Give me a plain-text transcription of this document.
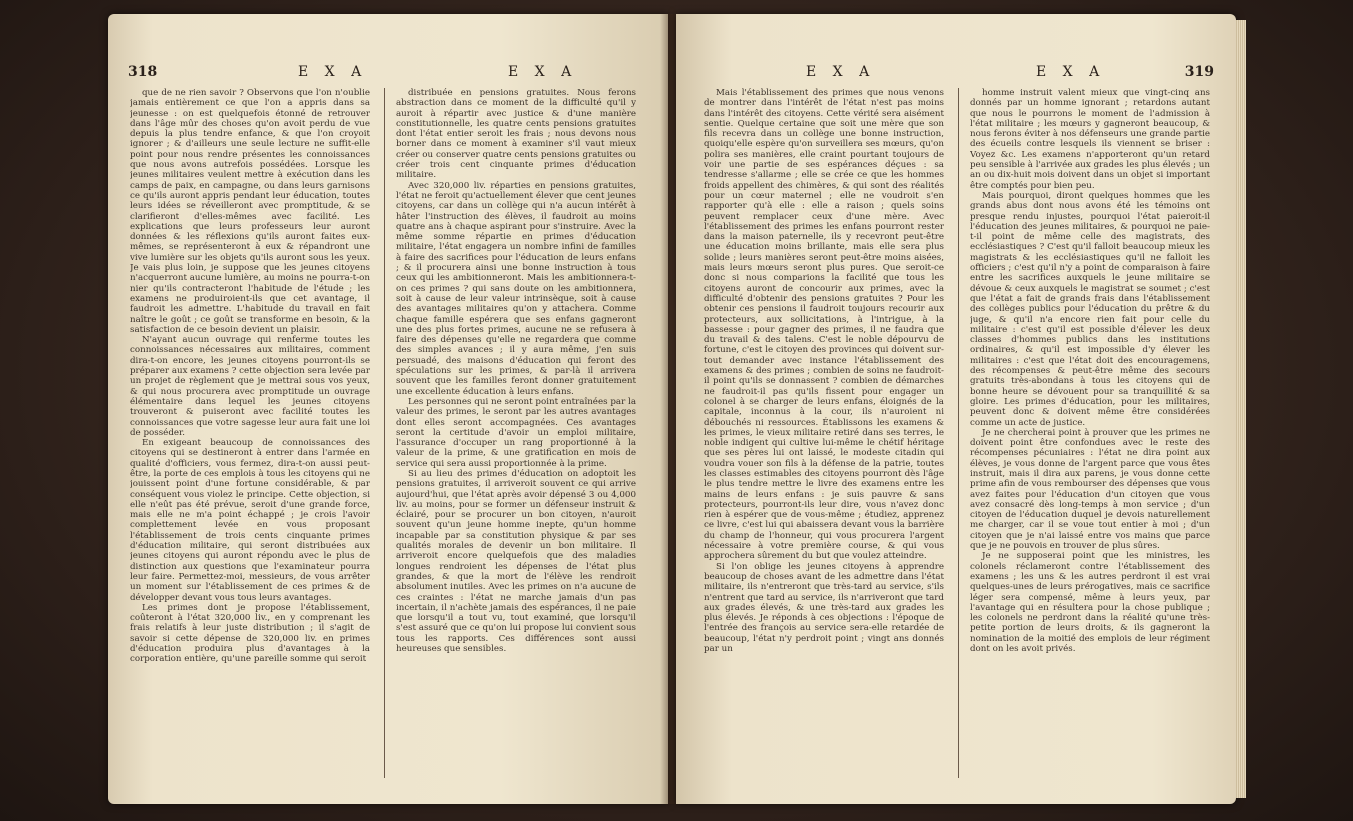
318	E X A	E X A

que de ne rien savoir ? Observons que l'on n'oublie jamais entièrement ce que l'on a appris dans sa jeunesse : on est quelquefois étonné de retrouver dans l'âge mûr des choses qu'on avoit perdu de vue depuis la plus tendre enfance, & que l'on croyoit ignorer ; & d'ailleurs une seule lecture ne suffit-elle point pour nous rendre présentes les connoissances que nous avons autrefois possédées. Lorsque les jeunes militaires veulent mettre à exécution dans les camps de paix, en campagne, ou dans leurs garnisons ce qu'ils auront appris pendant leur éducation, toutes leurs idées se réveilleront avec promptitude, & se clarifieront d'elles-mêmes avec facilité. Les explications que leurs professeurs leur auront données & les réflexions qu'ils auront faites eux-mêmes, se représenteront à eux & répandront une vive lumière sur les objets qu'ils auront sous les yeux. Je vais plus loin, je suppose que les jeunes citoyens n'acquerront aucune lumière, au moins ne pourra-t-on nier qu'ils contracteront l'habitude de l'étude ; les examens ne produiroient-ils que cet avantage, il faudroit les admettre. L'habitude du travail en fait naître le goût ; ce goût se transforme en besoin, & la satisfaction de ce besoin devient un plaisir.

N'ayant aucun ouvrage qui renferme toutes les connoissances nécessaires aux militaires, comment dira-t-on encore, les jeunes citoyens pourront-ils se préparer aux examens ? cette objection sera levée par un projet de règlement que je mettrai sous vos yeux, & qui nous procurera avec promptitude un ouvrage élémentaire dans lequel les jeunes citoyens trouveront & puiseront avec facilité toutes les connoissances que votre sagesse leur aura fait une loi de posséder.

En exigeant beaucoup de connoissances des citoyens qui se destineront à entrer dans l'armée en qualité d'officiers, vous fermez, dira-t-on aussi peut-être, la porte de ces emplois à tous les citoyens qui ne jouissent point d'une fortune considérable, & par conséquent vous violez le principe. Cette objection, si elle n'eût pas été prévue, seroit d'une grande force, mais elle ne m'a point échappé ; je crois l'avoir complettement levée en vous proposant l'établissement de trois cents cinquante primes d'éducation militaire, qui seront distribuées aux jeunes citoyens qui auront répondu avec le plus de distinction aux questions que l'examinateur pourra leur faire. Permettez-moi, messieurs, de vous arrêter un moment sur l'établissement de ces primes & de développer devant vous tous leurs avantages.

Les primes dont je propose l'établissement, coûteront à l'état 320,000 liv., en y comprenant les frais relatifs à leur juste distribution ; il s'agit de savoir si cette dépense de 320,000 liv. en primes d'éducation produira plus d'avantages à la corporation entière, qu'une pareille somme qui seroit

distribuée en pensions gratuites. Nous ferons abstraction dans ce moment de la difficulté qu'il y auroit à répartir avec justice & d'une manière constitutionnelle, les quatre cents pensions gratuites dont l'état entier seroit les frais ; nous devons nous borner dans ce moment à examiner s'il vaut mieux créer ou conserver quatre cents pensions gratuites ou créer trois cent cinquante primes d'éducation militaire.

Avec 320,000 liv. réparties en pensions gratuites, l'état ne feroit qu'actuellement élever que cent jeunes citoyens, car dans un collège qui n'a aucun intérêt à hâter l'instruction des élèves, il faudroit au moins quatre ans à chaque aspirant pour s'instruire. Avec la même somme répartie en primes d'éducation militaire, l'état engagera un nombre infini de familles à faire des sacrifices pour l'éducation de leurs enfans ; & il procurera ainsi une bonne instruction à tous ceux qui les ambitionneront. Mais les ambitionnera-t-on ces primes ? qui sans doute on les ambitionnera, soit à cause de leur valeur intrinsèque, soit à cause des avantages militaires qu'on y attachera. Comme chaque famille espérera que ses enfans gagneront une des plus fortes primes, aucune ne se refusera à faire des dépenses qu'elle ne regardera que comme des simples avances ; il y aura même, j'en suis persuadé, des maisons d'éducation qui feront des spéculations sur les primes, & par-là il arrivera souvent que les familles feront donner gratuitement une excellente éducation à leurs enfans.

Les personnes qui ne seront point entraînées par la valeur des primes, le seront par les autres avantages dont elles seront accompagnées. Ces avantages seront la certitude d'avoir un emploi militaire, l'assurance d'occuper un rang proportionné à la valeur de la prime, & une gratification en mois de service qui sera aussi proportionnée à la prime.

Si au lieu des primes d'éducation on adoptoit les pensions gratuites, il arriveroit souvent ce qui arrive aujourd'hui, que l'état après avoir dépensé 3 ou 4,000 liv. au moins, pour se former un défenseur instruit & éclairé, pour se procurer un bon citoyen, n'auroit souvent qu'un jeune homme inepte, qu'un homme incapable par sa constitution physique & par ses qualités morales de devenir un bon militaire. Il arriveroit encore quelquefois que des maladies longues rendroient les dépenses de l'état plus grandes, & que la mort de l'élève les rendroit absolument inutiles. Avec les primes on n'a aucune de ces craintes : l'état ne marche jamais d'un pas incertain, il n'achète jamais des espérances, il ne paie que lorsqu'il a tout vu, tout examiné, que lorsqu'il s'est assuré que ce qu'on lui propose lui convient sous tous les rapports. Ces différences sont aussi heureuses que sensibles.

E X A	E X A	319

Mais l'établissement des primes que nous venons de montrer dans l'intérêt de l'état n'est pas moins dans l'intérêt des citoyens. Cette vérité sera aisément sentie. Quelque certaine que soit une mère que son fils recevra dans un collège une bonne instruction, quoiqu'elle espère qu'on surveillera ses mœurs, qu'on polira ses manières, elle craint pourtant toujours de voir une partie de ses espérances déçues : sa tendresse s'allarme ; elle se crée ce que les hommes froids appellent des chimères, & qui sont des réalités pour un cœur maternel ; elle ne voudroit s'en rapporter qu'à elle : elle a raison ; quels soins peuvent remplacer ceux d'une mère. Avec l'établissement des primes les enfans pourront rester dans la maison paternelle, ils y recevront peut-être une éducation moins brillante, mais elle sera plus solide ; leurs manières seront peut-être moins aisées, mais leurs mœurs seront plus pures. Que seroit-ce donc si nous comparions la facilité que tous les citoyens auront de concourir aux primes, avec la difficulté d'obtenir des pensions gratuites ? Pour les obtenir ces pensions il faudroit toujours recourir aux protecteurs, aux sollicitations, à l'intrigue, à la bassesse : pour gagner des primes, il ne faudra que du travail & des talens. C'est le noble dépourvu de fortune, c'est le citoyen des provinces qui doivent sur-tout demander avec instance l'établissement des examens & des primes ; combien de soins ne faudroit-il point qu'ils se donnassent ? combien de démarches ne faudroit-il pas qu'ils fissent pour engager un colonel à se charger de leurs enfans, éloignés de la capitale, inconnus à la cour, ils n'auroient ni débouchés ni ressources. Établissons les examens & les primes, le vieux militaire retiré dans ses terres, le noble indigent qui cultive lui-même le chétif héritage que ses pères lui ont laissé, le modeste citadin qui voudra vouer son fils à la défense de la patrie, toutes les classes estimables des citoyens pourront dès l'âge le plus tendre mettre le livre des examens entre les mains de leurs enfans : je suis pauvre & sans protecteurs, pourront-ils leur dire, vous n'avez donc rien à espérer que de vous-même ; étudiez, apprenez ce livre, c'est lui qui abaissera devant vous la barrière du champ de l'honneur, qui vous procurera l'argent nécessaire à votre première course, & qui vous approchera sûrement du but que voulez atteindre.

Si l'on oblige les jeunes citoyens à apprendre beaucoup de choses avant de les admettre dans l'état militaire, ils n'entreront que très-tard au service, s'ils n'entrent que tard au service, ils n'arriveront que tard aux grades élevés, & une très-tard aux grades les plus élevés. Je réponds à ces objections : l'époque de l'entrée des françois au service sera-elle retardée de beaucoup, l'état n'y perdroit point ; vingt ans donnés par un

homme instruit valent mieux que vingt-cinq ans donnés par un homme ignorant ; retardons autant que nous le pourrons le moment de l'admission à l'état militaire ; les mœurs y gagneront beaucoup, & nous ferons éviter à nos défenseurs une grande partie des écueils contre lesquels ils viennent se briser : Voyez &c. Les examens n'apporteront qu'un retard peu sensible à l'arrivée aux grades les plus élevés ; un an ou dix-huit mois doivent dans un objet si important être comptés pour bien peu.

Mais pourquoi, diront quelques hommes que les grands abus dont nous avons été les témoins ont presque rendu injustes, pourquoi l'état paieroit-il l'éducation des jeunes militaires, & pourquoi ne paie-t-il point de même celle des magistrats, des ecclésiastiques ? C'est qu'il falloit beaucoup mieux les magistrats & les ecclésiastiques qu'il ne falloit les officiers ; c'est qu'il n'y a point de comparaison à faire entre les sacrifices auxquels le jeune militaire se dévoue & ceux auxquels le magistrat se soumet ; c'est que l'état a fait de grands frais dans l'établissement des collèges publics pour l'éducation du prêtre & du juge, & qu'il n'a encore rien fait pour celle du militaire : c'est qu'il est possible d'élever les deux classes d'hommes publics dans les institutions ordinaires, & qu'il est impossible d'y élever les militaires : c'est que l'état doit des encouragemens, des récompenses & peut-être même des secours gratuits très-abondans à tous les citoyens qui de bonne heure se dévouent pour sa tranquillité & sa gloire. Les primes d'éducation, pour les militaires, peuvent donc & doivent même être considérées comme un acte de justice.

Je ne chercherai point à prouver que les primes ne doivent point être confondues avec le reste des récompenses pécuniaires : l'état ne dira point aux élèves, je vous donne de l'argent parce que vous êtes instruit, mais il dira aux parens, je vous donne cette prime afin de vous rembourser des dépenses que vous avez faites pour l'éducation d'un citoyen que vous avez consacré dès long-temps à mon service ; d'un citoyen de l'éducation duquel je devois naturellement me charger, car il se voue tout entier à moi ; d'un citoyen que je n'ai laissé entre vos mains que parce que je ne pouvois en trouver de plus sûres.

Je ne supposerai point que les ministres, les colonels réclameront contre l'établissement des examens ; les uns & les autres perdront il est vrai quelques-unes de leurs prérogatives, mais ce sacrifice léger sera compensé, même à leurs yeux, par l'avantage qui en résultera pour la chose publique ; les colonels ne perdront dans la réalité qu'une très-petite portion de leurs droits, & ils gagneront la nomination de la moitié des emplois de leur régiment dont on les avoit privés.
